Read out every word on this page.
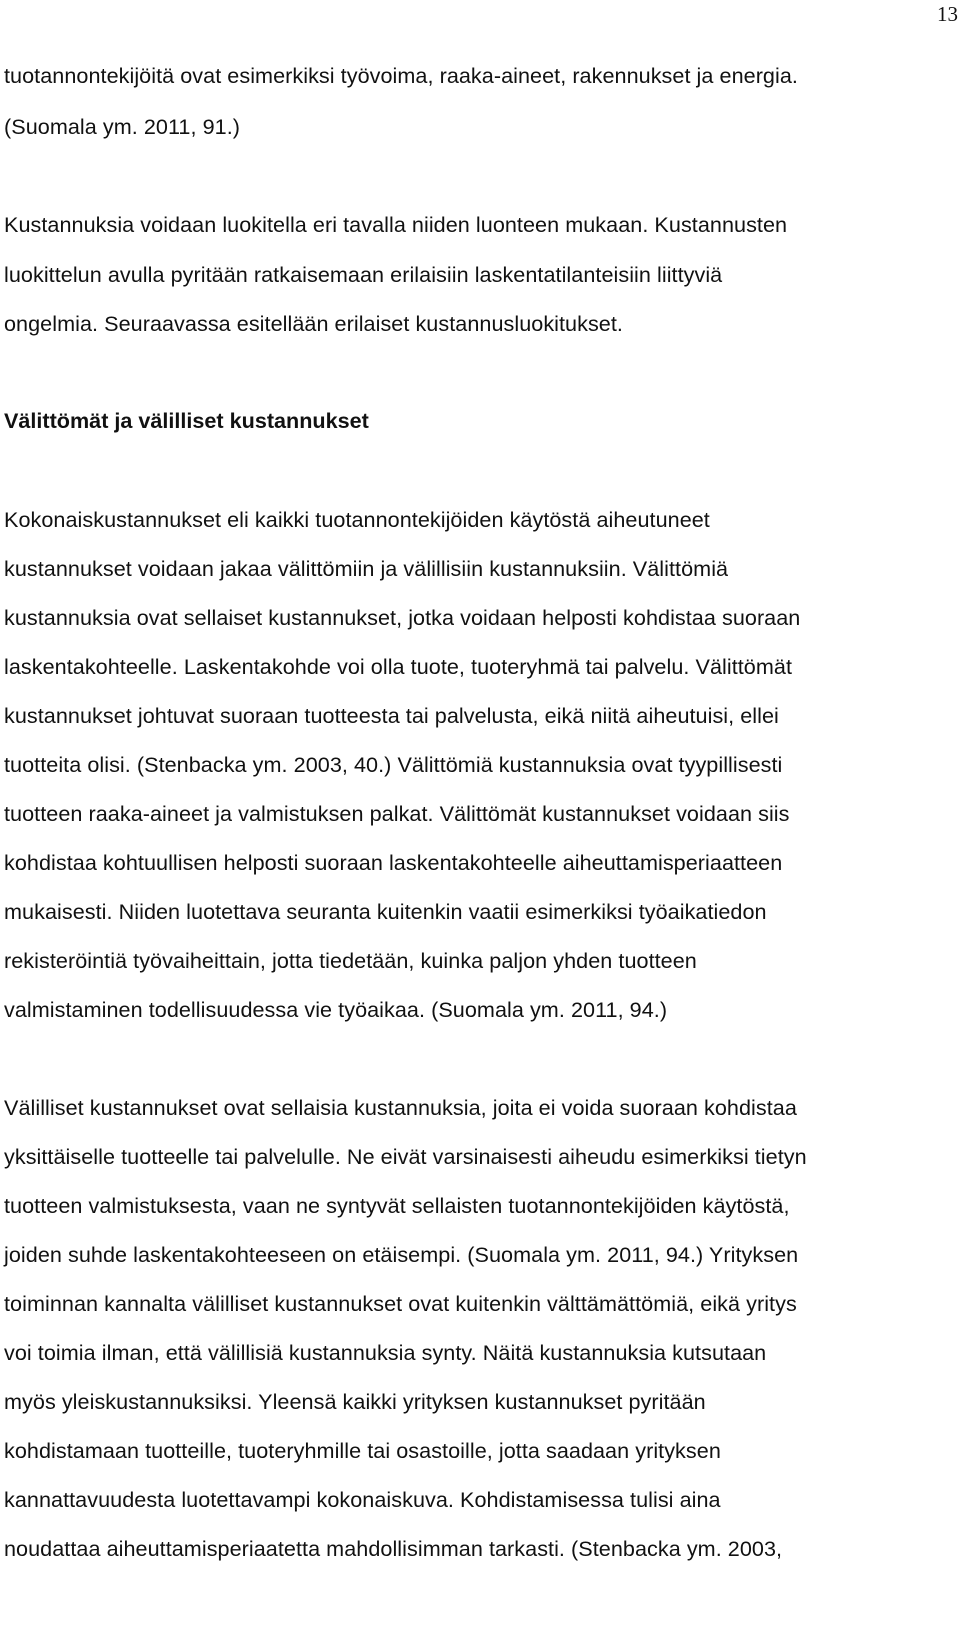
13
tuotannontekijöitä ovat esimerkiksi työvoima, raaka-aineet, rakennukset ja energia.
(Suomala ym. 2011, 91.)
Kustannuksia voidaan luokitella eri tavalla niiden luonteen mukaan. Kustannusten
luokittelun avulla pyritään ratkaisemaan erilaisiin laskentatilanteisiin liittyviä
ongelmia. Seuraavassa esitellään erilaiset kustannusluokitukset.
Välittömät ja välilliset kustannukset
Kokonaiskustannukset eli kaikki tuotannontekijöiden käytöstä aiheutuneet
kustannukset voidaan jakaa välittömiin ja välillisiin kustannuksiin. Välittömiä
kustannuksia ovat sellaiset kustannukset, jotka voidaan helposti kohdistaa suoraan
laskentakohteelle. Laskentakohde voi olla tuote, tuoteryhmä tai palvelu. Välittömät
kustannukset johtuvat suoraan tuotteesta tai palvelusta, eikä niitä aiheutuisi, ellei
tuotteita olisi. (Stenbacka ym. 2003, 40.) Välittömiä kustannuksia ovat tyypillisesti
tuotteen raaka-aineet ja valmistuksen palkat. Välittömät kustannukset voidaan siis
kohdistaa kohtuullisen helposti suoraan laskentakohteelle aiheuttamisperiaatteen
mukaisesti. Niiden luotettava seuranta kuitenkin vaatii esimerkiksi työaikatiedon
rekisteröintiä työvaiheittain, jotta tiedetään, kuinka paljon yhden tuotteen
valmistaminen todellisuudessa vie työaikaa. (Suomala ym. 2011, 94.)
Välilliset kustannukset ovat sellaisia kustannuksia, joita ei voida suoraan kohdistaa
yksittäiselle tuotteelle tai palvelulle. Ne eivät varsinaisesti aiheudu esimerkiksi tietyn
tuotteen valmistuksesta, vaan ne syntyvät sellaisten tuotannontekijöiden käytöstä,
joiden suhde laskentakohteeseen on etäisempi. (Suomala ym. 2011, 94.) Yrityksen
toiminnan kannalta välilliset kustannukset ovat kuitenkin välttämättömiä, eikä yritys
voi toimia ilman, että välillisiä kustannuksia synty. Näitä kustannuksia kutsutaan
myös yleiskustannuksiksi. Yleensä kaikki yrityksen kustannukset pyritään
kohdistamaan tuotteille, tuoteryhmille tai osastoille, jotta saadaan yrityksen
kannattavuudesta luotettavampi kokonaiskuva. Kohdistamisessa tulisi aina
noudattaa aiheuttamisperiaatetta mahdollisimman tarkasti. (Stenbacka ym. 2003,
